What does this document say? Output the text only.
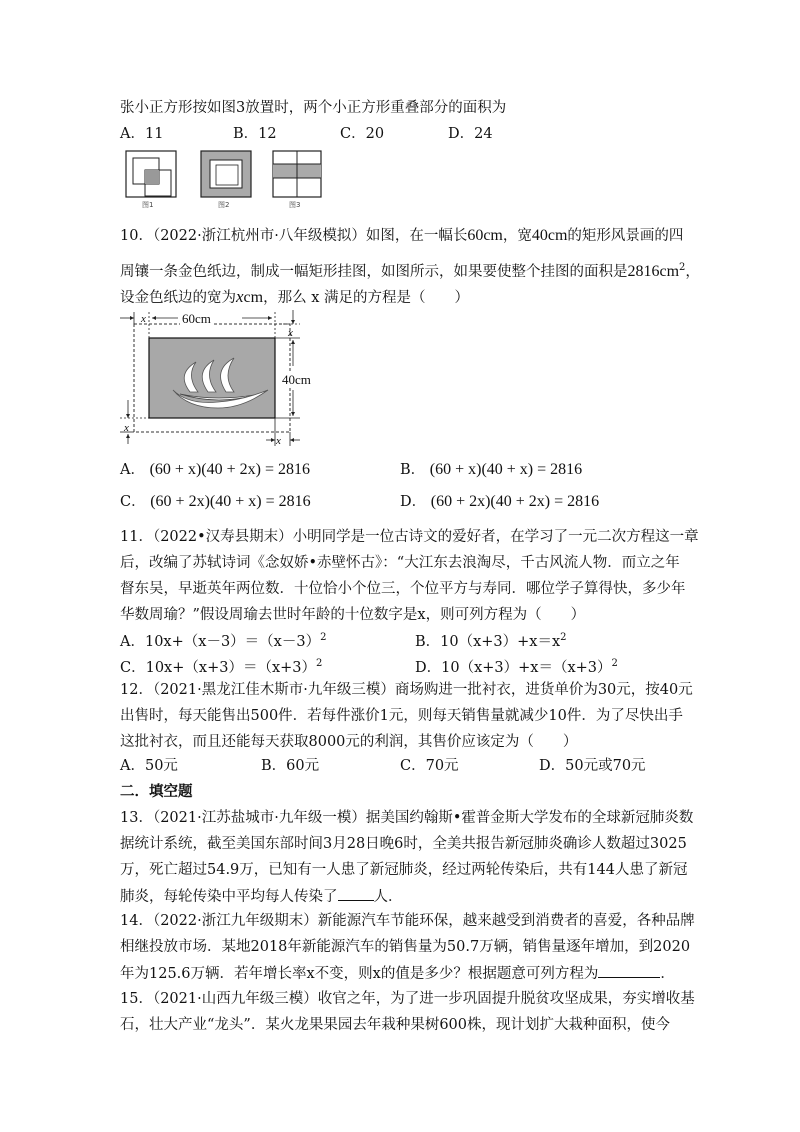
张小正方形按如图3放置时，两个小正方形重叠部分的面积为
A．11	B．12	C．20	D．24
图1	图2	图3
10．（2022·浙江杭州市·八年级模拟）如图，在一幅长60cm，宽40cm的矩形风景画的四
周镶一条金色纸边，制成一幅矩形挂图，如图所示，如果要使整个挂图的面积是$2816cm^2$，
设金色纸边的宽为xcm，那么 x 满足的方程是（　　）
60cm
40cm
x
x
x
x
A． (60 + x)(40 + 2x) = 2816	B． (60 + x)(40 + x) = 2816
C． (60 + 2x)(40 + x) = 2816	D． (60 + 2x)(40 + 2x) = 2816
11．（2022•汉寿县期末）小明同学是一位古诗文的爱好者，在学习了一元二次方程这一章
后，改编了苏轼诗词《念奴娇•赤壁怀古》：“大江东去浪淘尽，千古风流人物．而立之年
督东吴，早逝英年两位数．十位恰小个位三，个位平方与寿同．哪位学子算得快，多少年
华数周瑜？”假设周瑜去世时年龄的十位数字是x，则可列方程为（　　）
A．$10x+(x-3)=(x-3)^2$	B．$10(x+3)+x=x^2$
C．$10x+(x+3)=(x+3)^2$	D．$10(x+3)+x=(x+3)^2$
12．（2021·黑龙江佳木斯市·九年级三模）商场购进一批衬衣，进货单价为30元，按40元
出售时，每天能售出500件．若每件涨价1元，则每天销售量就减少10件．为了尽快出手
这批衬衣，而且还能每天获取8000元的利润，其售价应该定为（　　）
A．50元	B．60元	C．70元	D．50元或70元
二．填空题
13．（2021·江苏盐城市·九年级一模）据美国约翰斯•霍普金斯大学发布的全球新冠肺炎数
据统计系统，截至美国东部时间3月28日晚6时，全美共报告新冠肺炎确诊人数超过3025
万，死亡超过54.9万，已知有一人患了新冠肺炎，经过两轮传染后，共有144人患了新冠
肺炎，每轮传染中平均每人传染了 人．
14．（2022·浙江九年级期末）新能源汽车节能环保，越来越受到消费者的喜爱，各种品牌
相继投放市场．某地2018年新能源汽车的销售量为50.7万辆，销售量逐年增加，到2020
年为125.6万辆．若年增长率x不变，则x的值是多少？根据题意可列方程为	．
15．（2021·山西九年级三模）收官之年，为了进一步巩固提升脱贫攻坚成果，夯实增收基
石，壮大产业“龙头”．某火龙果果园去年栽种果树600株，现计划扩大栽种面积，使今
